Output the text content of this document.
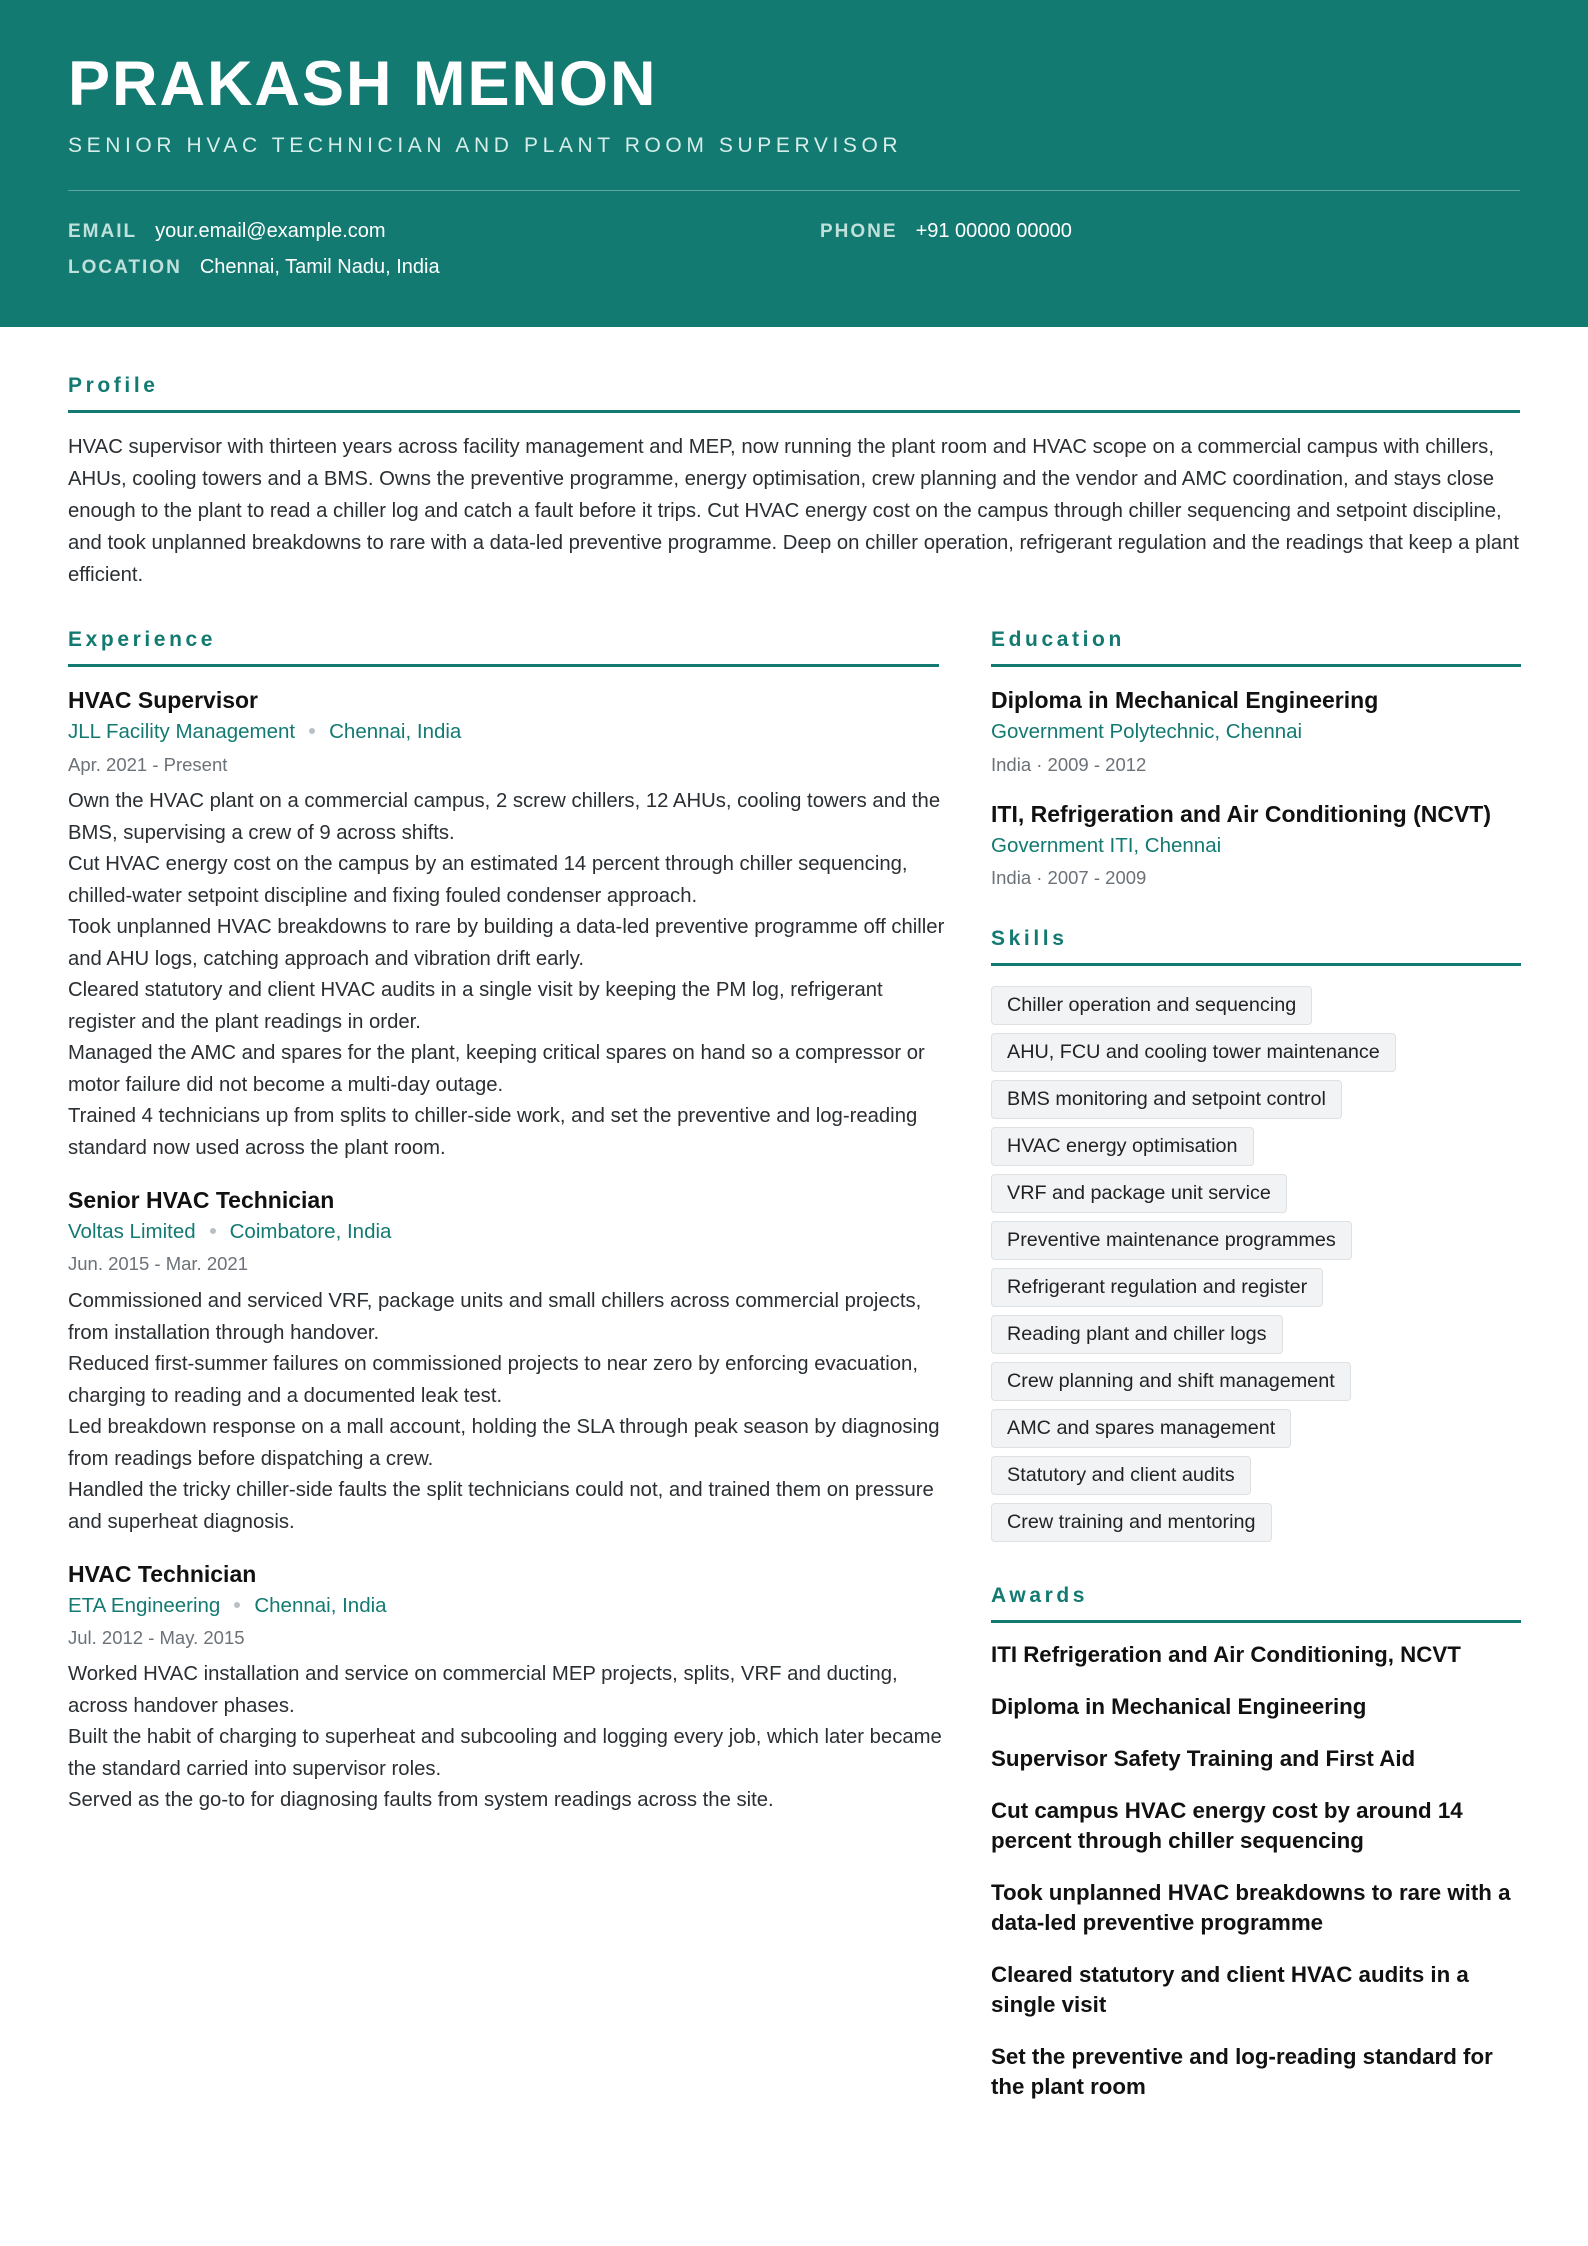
PRAKASH MENON
SENIOR HVAC TECHNICIAN AND PLANT ROOM SUPERVISOR
EMAIL your.email@example.com	PHONE +91 00000 00000
LOCATION Chennai, Tamil Nadu, India
Profile
HVAC supervisor with thirteen years across facility management and MEP, now running the plant room and HVAC scope on a commercial campus with chillers, AHUs, cooling towers and a BMS. Owns the preventive programme, energy optimisation, crew planning and the vendor and AMC coordination, and stays close enough to the plant to read a chiller log and catch a fault before it trips. Cut HVAC energy cost on the campus through chiller sequencing and setpoint discipline, and took unplanned breakdowns to rare with a data-led preventive programme. Deep on chiller operation, refrigerant regulation and the readings that keep a plant efficient.
Experience
HVAC Supervisor
JLL Facility Management Chennai, India
Apr. 2021 - Present
Own the HVAC plant on a commercial campus, 2 screw chillers, 12 AHUs, cooling towers and the BMS, supervising a crew of 9 across shifts.
Cut HVAC energy cost on the campus by an estimated 14 percent through chiller sequencing, chilled-water setpoint discipline and fixing fouled condenser approach.
Took unplanned HVAC breakdowns to rare by building a data-led preventive programme off chiller and AHU logs, catching approach and vibration drift early.
Cleared statutory and client HVAC audits in a single visit by keeping the PM log, refrigerant register and the plant readings in order.
Managed the AMC and spares for the plant, keeping critical spares on hand so a compressor or motor failure did not become a multi-day outage.
Trained 4 technicians up from splits to chiller-side work, and set the preventive and log-reading standard now used across the plant room.
Senior HVAC Technician
Voltas Limited Coimbatore, India
Jun. 2015 - Mar. 2021
Commissioned and serviced VRF, package units and small chillers across commercial projects, from installation through handover.
Reduced first-summer failures on commissioned projects to near zero by enforcing evacuation, charging to reading and a documented leak test.
Led breakdown response on a mall account, holding the SLA through peak season by diagnosing from readings before dispatching a crew.
Handled the tricky chiller-side faults the split technicians could not, and trained them on pressure and superheat diagnosis.
HVAC Technician
ETA Engineering Chennai, India
Jul. 2012 - May. 2015
Worked HVAC installation and service on commercial MEP projects, splits, VRF and ducting, across handover phases.
Built the habit of charging to superheat and subcooling and logging every job, which later became the standard carried into supervisor roles.
Served as the go-to for diagnosing faults from system readings across the site.
Education
Diploma in Mechanical Engineering
Government Polytechnic, Chennai
India · 2009 - 2012
ITI, Refrigeration and Air Conditioning (NCVT)
Government ITI, Chennai
India · 2007 - 2009
Skills
Chiller operation and sequencing
AHU, FCU and cooling tower maintenance
BMS monitoring and setpoint control
HVAC energy optimisation
VRF and package unit service
Preventive maintenance programmes
Refrigerant regulation and register
Reading plant and chiller logs
Crew planning and shift management
AMC and spares management
Statutory and client audits
Crew training and mentoring
Awards
ITI Refrigeration and Air Conditioning, NCVT
Diploma in Mechanical Engineering
Supervisor Safety Training and First Aid
Cut campus HVAC energy cost by around 14 percent through chiller sequencing
Took unplanned HVAC breakdowns to rare with a data-led preventive programme
Cleared statutory and client HVAC audits in a single visit
Set the preventive and log-reading standard for the plant room
